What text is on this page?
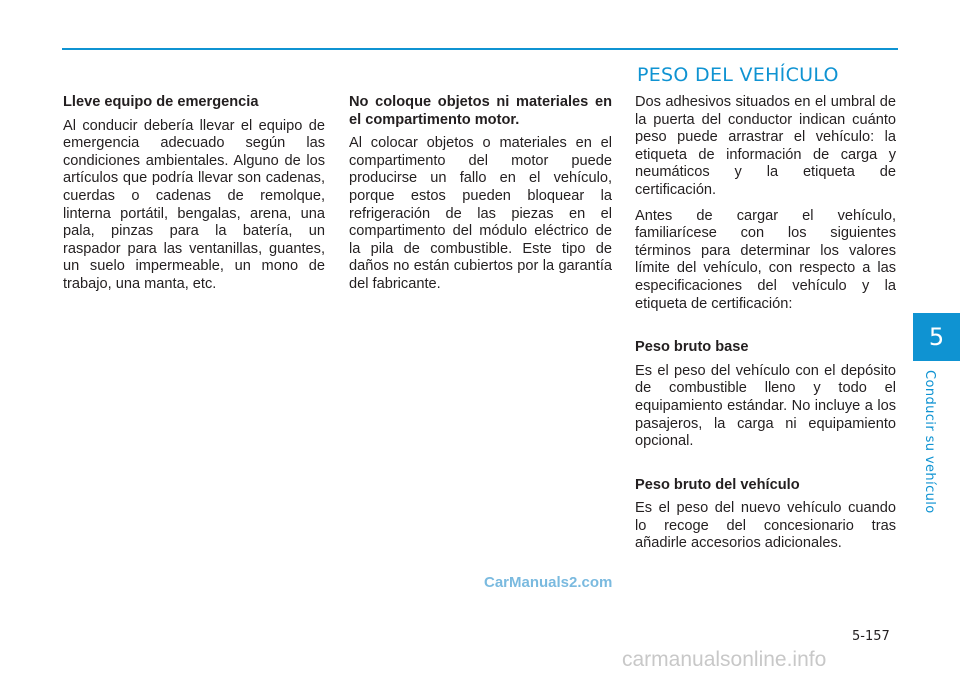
PESO DEL VEHÍCULO

Lleve equipo de emergencia

Al conducir debería llevar el equipo de emergencia adecuado según las condiciones ambientales. Alguno de los artículos que podría llevar son cadenas, cuerdas o cadenas de remolque, linterna portátil, bengalas, arena, una pala, pinzas para la batería, un raspador para las ventanillas, guantes, un suelo impermeable, un mono de trabajo, una manta, etc.

No coloque objetos ni materiales en el compartimento motor.

Al colocar objetos o materiales en el compartimento del motor puede producirse un fallo en el vehículo, porque estos pueden bloquear la refrigeración de las piezas en el compartimento del módulo eléctrico de la pila de combustible. Este tipo de daños no están cubiertos por la garantía del fabricante.

Dos adhesivos situados en el umbral de la puerta del conductor indican cuánto peso puede arrastrar el vehículo: la etiqueta de información de carga y neumáticos y la etiqueta de certificación.

Antes de cargar el vehículo, familiarícese con los siguientes términos para determinar los valores límite del vehículo, con respecto a las especificaciones del vehículo y la etiqueta de certificación:

Peso bruto base

Es el peso del vehículo con el depósito de combustible lleno y todo el equipamiento estándar. No incluye a los pasajeros, la carga ni equipamiento opcional.

Peso bruto del vehículo

Es el peso del nuevo vehículo cuando lo recoge del concesionario tras añadirle accesorios adicionales.

5
Conducir su vehículo
5-157
CarManuals2.com
carmanualsonline.info
